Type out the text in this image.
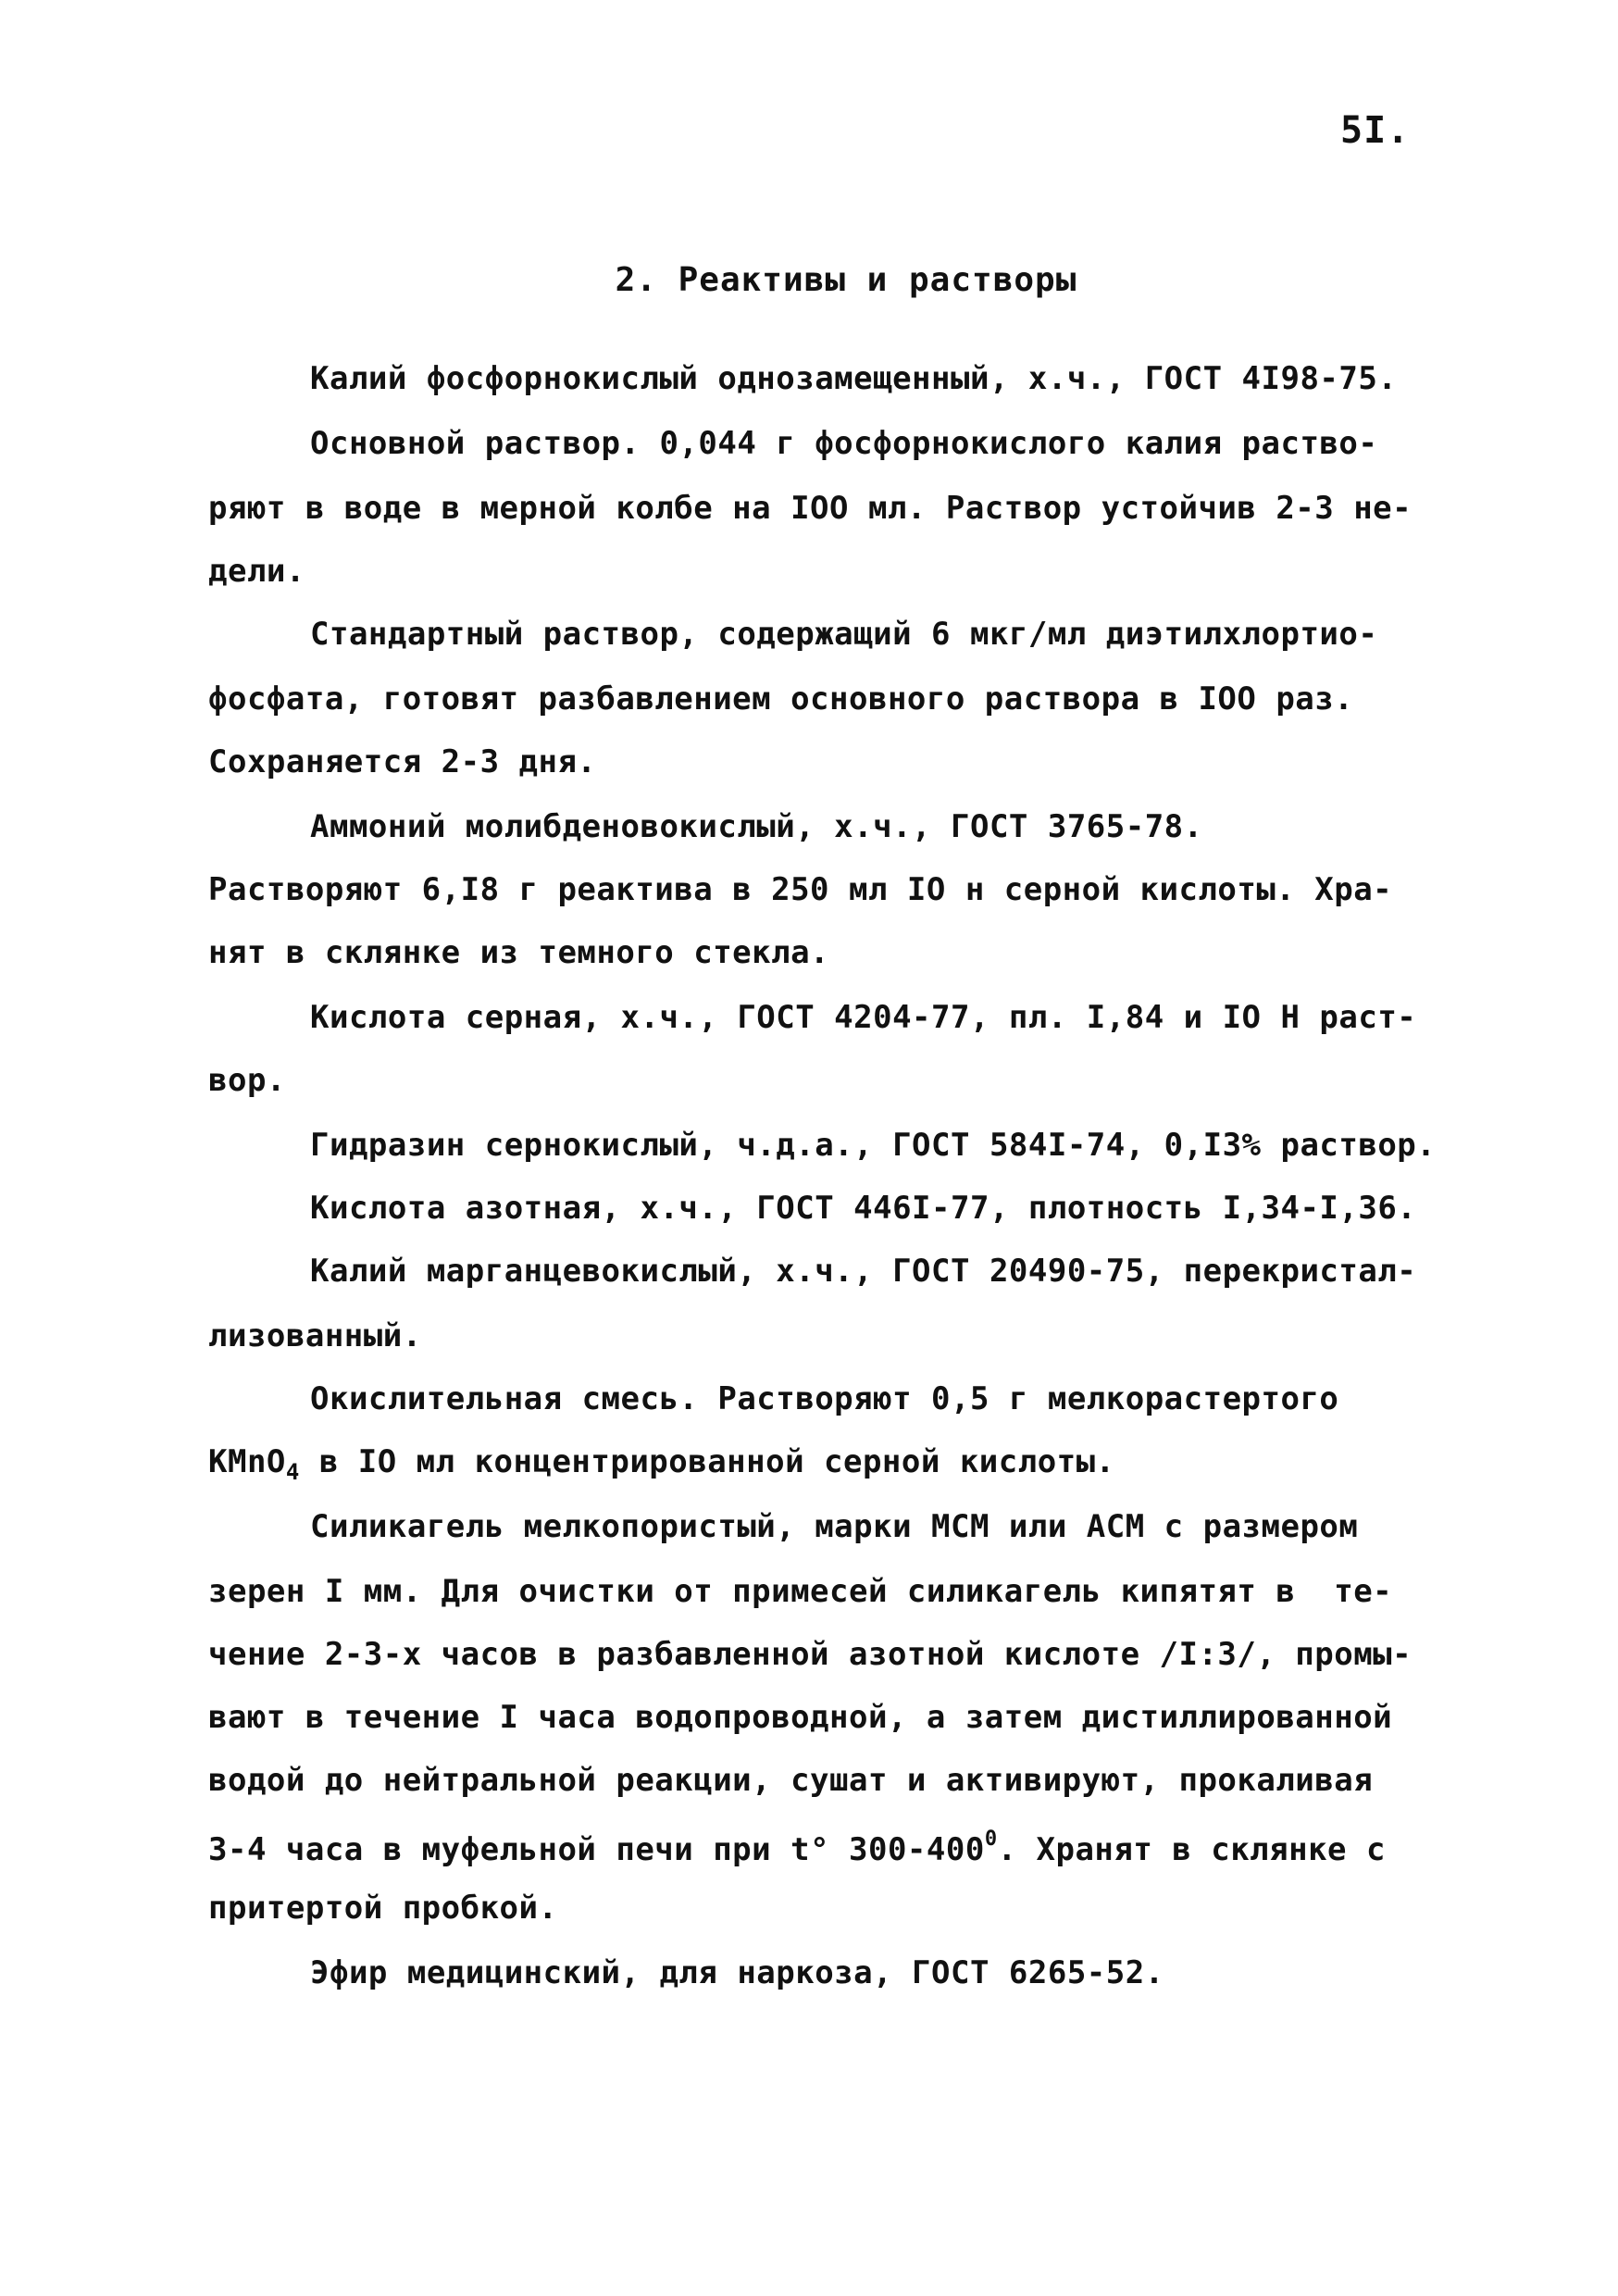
5I.
2. Реактивы и растворы
Калий фосфорнокислый однозамещенный, х.ч., ГОСТ 4I98-75.
Основной раствор. 0,044 г фосфорнокислого калия раство-
ряют в воде в мерной колбе на IОО мл. Раствор устойчив 2-3 не-
дели.
Стандартный раствор, содержащий 6 мкг/мл диэтилхлортио-
фосфата, готовят разбавлением основного раствора в IОО раз.
Сохраняется 2-3 дня.
Аммоний молибденовокислый, х.ч., ГОСТ 3765-78.
Растворяют 6,I8 г реактива в 250 мл IО н серной кислоты. Хра-
нят в склянке из темного стекла.
Кислота серная, х.ч., ГОСТ 4204-77, пл. I,84 и IО Н раст-
вор.
Гидразин сернокислый, ч.д.а., ГОСТ 584I-74, 0,I3% раствор.
Кислота азотная, х.ч., ГОСТ 446I-77, плотность I,34-I,36.
Калий марганцевокислый, х.ч., ГОСТ 20490-75, перекристал-
лизованный.
Окислительная смесь. Растворяют 0,5 г мелкорастертого
КМnO$_4$ в IО мл концентрированной серной кислоты.
Силикагель мелкопористый, марки МСМ или АСМ с размером
зерен I мм. Для очистки от примесей силикагель кипятят в  те-
чение 2-3-х часов в разбавленной азотной кислоте /I:3/, промы-
вают в течение I часа водопроводной, а затем дистиллированной
водой до нейтральной реакции, сушат и активируют, прокаливая
3-4 часа в муфельной печи при t° $300-400^0$. Хранят в склянке с
притертой пробкой.
Эфир медицинский, для наркоза, ГОСТ 6265-52.
